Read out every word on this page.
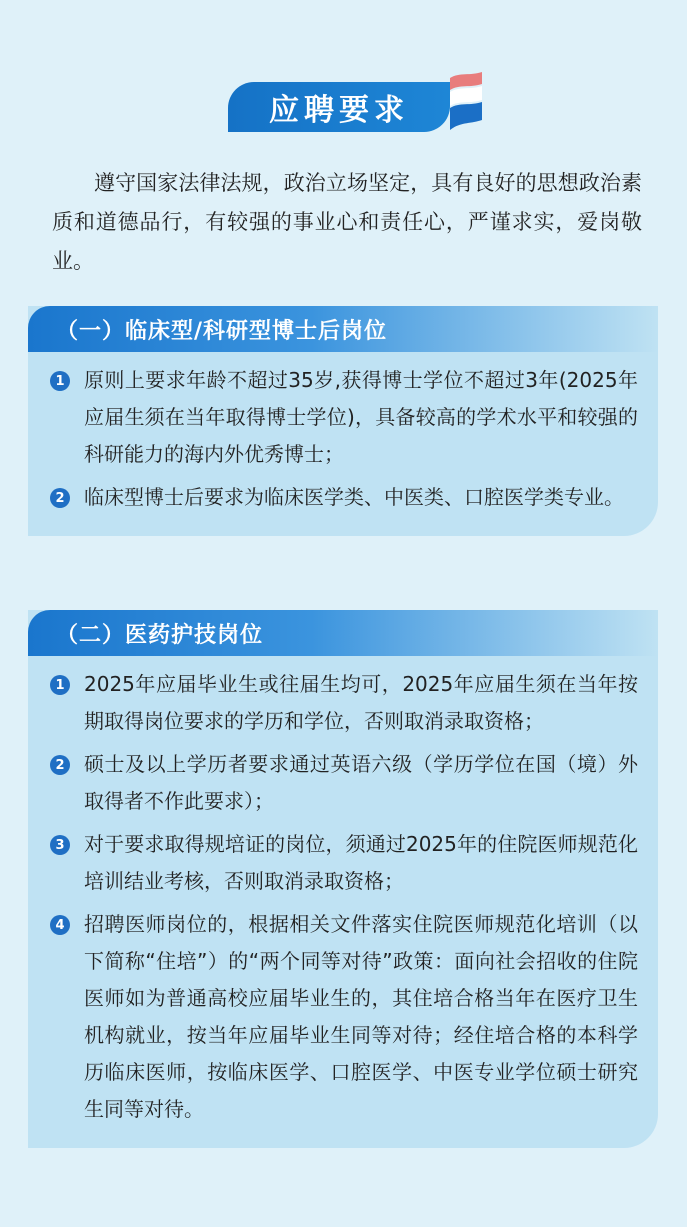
应聘要求
遵守国家法律法规，政治立场坚定，具有良好的思想政治素质和道德品行，有较强的事业心和责任心，严谨求实，爱岗敬业。
（一）临床型/科研型博士后岗位
1 原则上要求年龄不超过35岁,获得博士学位不超过3年(2025年应届生须在当年取得博士学位)，具备较高的学术水平和较强的科研能力的海内外优秀博士；
2 临床型博士后要求为临床医学类、中医类、口腔医学类专业。
（二）医药护技岗位
1 2025年应届毕业生或往届生均可，2025年应届生须在当年按期取得岗位要求的学历和学位，否则取消录取资格；
2 硕士及以上学历者要求通过英语六级（学历学位在国（境）外取得者不作此要求）；
3 对于要求取得规培证的岗位，须通过2025年的住院医师规范化培训结业考核，否则取消录取资格；
4 招聘医师岗位的，根据相关文件落实住院医师规范化培训（以下简称“住培”）的“两个同等对待”政策：面向社会招收的住院医师如为普通高校应届毕业生的，其住培合格当年在医疗卫生机构就业，按当年应届毕业生同等对待；经住培合格的本科学历临床医师，按临床医学、口腔医学、中医专业学位硕士研究生同等对待。
